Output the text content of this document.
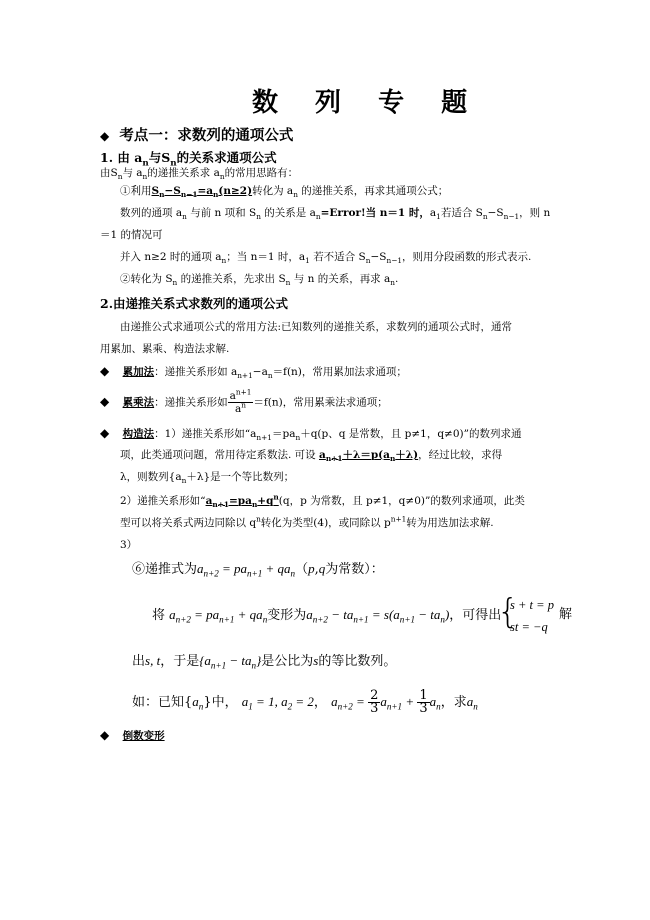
数 列 专 题
◆ 考点一：求数列的通项公式
1. 由 $a_n$与$S_n$的关系求通项公式
由$S_n$与 $a_n$的递推关系求 $a_n$的常用思路有：
①利用$S_n-S_{n-1}=a_n(n\ge 2)$转化为 $a_n$ 的递推关系，再求其通项公式；
数列的通项 $a_n$ 与前 n 项和 $S_n$ 的关系是 $a_n=Error$!当 n＝1 时，$a_1$若适合 $S_n-S_{n-1}$，则 n
＝1 的情况可
并入 n≥2 时的通项 $a_n$；当 n＝1 时，$a_1$ 若不适合 $S_n-S_{n-1}$，则用分段函数的形式表示.
②转化为 $S_n$ 的递推关系，先求出 $S_n$ 与 n 的关系，再求 $a_n$.
2.由递推关系式求数列的通项公式
由递推公式求通项公式的常用方法:已知数列的递推关系，求数列的通项公式时，通常
用累加、累乘、构造法求解.
◆ 累加法：递推关系形如 $a_{n+1}-a_n=f(n)$，常用累加法求通项；
◆ 累乘法：递推关系形如 $\frac{a^{n+1}}{a^n} =f(n)$，常用累乘法求通项；
◆ 构造法：1）递推关系形如“$a_{n+1}=pa_n+q(p$、q 是常数，且 p≠1，q≠0)”的数列求通
项，此类通项问题，常用待定系数法. 可设 $a_{n+1}+\lambda=p(a_n+\lambda)$，经过比较，求得
λ，则数列$\{a_n+\lambda\}$是一个等比数列；
2）递推关系形如“$a_{n+1}=pa_n+q^n(q$，p 为常数，且 p≠1，q≠0)”的数列求通项，此类
型可以将关系式两边同除以 $q^n$转化为类型(4)，或同除以 $p^{n+1}$转为用迭加法求解.
3）
⑥递推式为$a_{n+2} = pa_{n+1} + qa_n(p,q$为常数）：
将 $a_{n+2} = pa_{n+1} + qa_n$变形为$a_{n+2} - ta_{n+1} = s(a_{n+1} - ta_n)$，可得出
{
s + t = p
st = −q
解
出s, t，于是$\{a_{n+1} - ta_n\}$是公比为s的等比数列。
如：已知$\{a_n\}$中， $a_1 = 1$, $a_2 = 2$， $a_{n+2} = \frac{2}{3} a_{n+1} + \frac{1}{3} a_n$，求$a_n$
◆ 倒数变形
